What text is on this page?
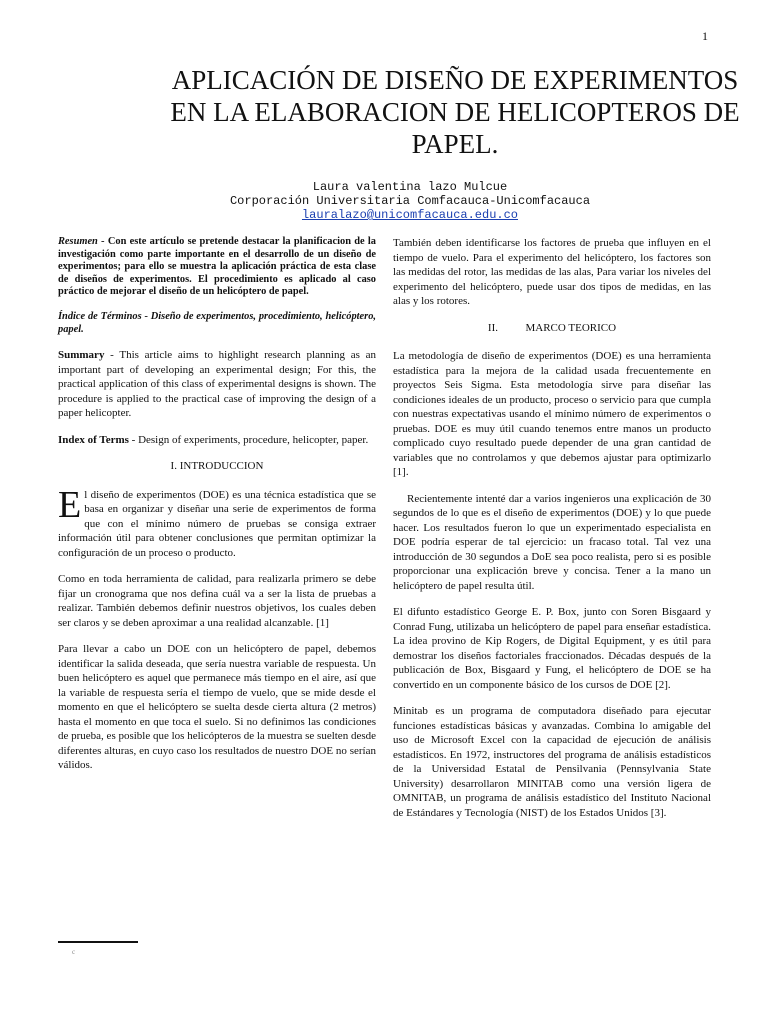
1
APLICACIÓN DE DISEÑO DE EXPERIMENTOS EN LA ELABORACION DE HELICOPTEROS DE PAPEL.
Laura valentina lazo Mulcue
Corporación Universitaria Comfacauca-Unicomfacauca
lauralazo@unicomfacauca.edu.co

Resumen - Con este artículo se pretende destacar la planificacion de la investigación como parte importante en el desarrollo de un diseño de experimentos; para ello se muestra la aplicación práctica de esta clase de diseños de experimentos. El procedimiento es aplicado al caso práctico de mejorar el diseño de un helicóptero de papel.

Índice de Términos - Diseño de experimentos, procedimiento, helicóptero, papel.

Summary - This article aims to highlight research planning as an important part of developing an experimental design; For this, the practical application of this class of experimental designs is shown. The procedure is applied to the practical case of improving the design of a paper helicopter.

Index of Terms - Design of experiments, procedure, helicopter, paper.

I. INTRODUCCION

El diseño de experimentos (DOE) es una técnica estadística que se basa en organizar y diseñar una serie de experimentos de forma que con el mínimo número de pruebas se consiga extraer información útil para obtener conclusiones que permitan optimizar la configuración de un proceso o producto.

Como en toda herramienta de calidad, para realizarla primero se debe fijar un cronograma que nos defina cuál va a ser la lista de pruebas a realizar. También debemos definir nuestros objetivos, los cuales deben ser claros y se deben aproximar a una realidad alcanzable. [1]

Para llevar a cabo un DOE con un helicóptero de papel, debemos identificar la salida deseada, que sería nuestra variable de respuesta. Un buen helicóptero es aquel que permanece más tiempo en el aire, así que la variable de respuesta sería el tiempo de vuelo, que se mide desde el momento en que el helicóptero se suelta desde cierta altura (2 metros) hasta el momento en que toca el suelo. Si no definimos las condiciones de prueba, es posible que los helicópteros de la muestra se suelten desde diferentes alturas, en cuyo caso los resultados de nuestro DOE no serían válidos.

También deben identificarse los factores de prueba que influyen en el tiempo de vuelo. Para el experimento del helicóptero, los factores son las medidas del rotor, las medidas de las alas, Para variar los niveles del experimento del helicóptero, puede usar dos tipos de medidas, en las alas y los rotores.

II.          MARCO TEORICO

La metodología de diseño de experimentos (DOE) es una herramienta estadística para la mejora de la calidad usada frecuentemente en proyectos Seis Sigma. Esta metodología sirve para diseñar las condiciones ideales de un producto, proceso o servicio para que cumpla con nuestras expectativas usando el mínimo número de experimentos o pruebas. DOE es muy útil cuando tenemos entre manos un producto complicado cuyo resultado puede depender de una gran cantidad de variables que no controlamos y que debemos ajustar para optimizarlo [1].

Recientemente intenté dar a varios ingenieros una explicación de 30 segundos de lo que es el diseño de experimentos (DOE) y lo que puede hacer. Los resultados fueron lo que un experimentado especialista en DOE podría esperar de tal ejercicio: un fracaso total. Tal vez una introducción de 30 segundos a DoE sea poco realista, pero si es posible proporcionar una explicación breve y concisa. Tener a la mano un helicóptero de papel resulta útil.

El difunto estadístico George E. P. Box, junto con Soren Bisgaard y Conrad Fung, utilizaba un helicóptero de papel para enseñar estadística. La idea provino de Kip Rogers, de Digital Equipment, y es útil para demostrar los diseños factoriales fraccionados. Décadas después de la publicación de Box, Bisgaard y Fung, el helicóptero de DOE se ha convertido en un componente básico de los cursos de DOE [2].

Minitab es un programa de computadora diseñado para ejecutar funciones estadísticas básicas y avanzadas. Combina lo amigable del uso de Microsoft Excel con la capacidad de ejecución de análisis estadísticos. En 1972, instructores del programa de análisis estadísticos de la Universidad Estatal de Pensilvania (Pennsylvania State University) desarrollaron MINITAB como una versión ligera de OMNITAB, un programa de análisis estadístico del Instituto Nacional de Estándares y Tecnología (NIST) de los Estados Unidos [3].

c
